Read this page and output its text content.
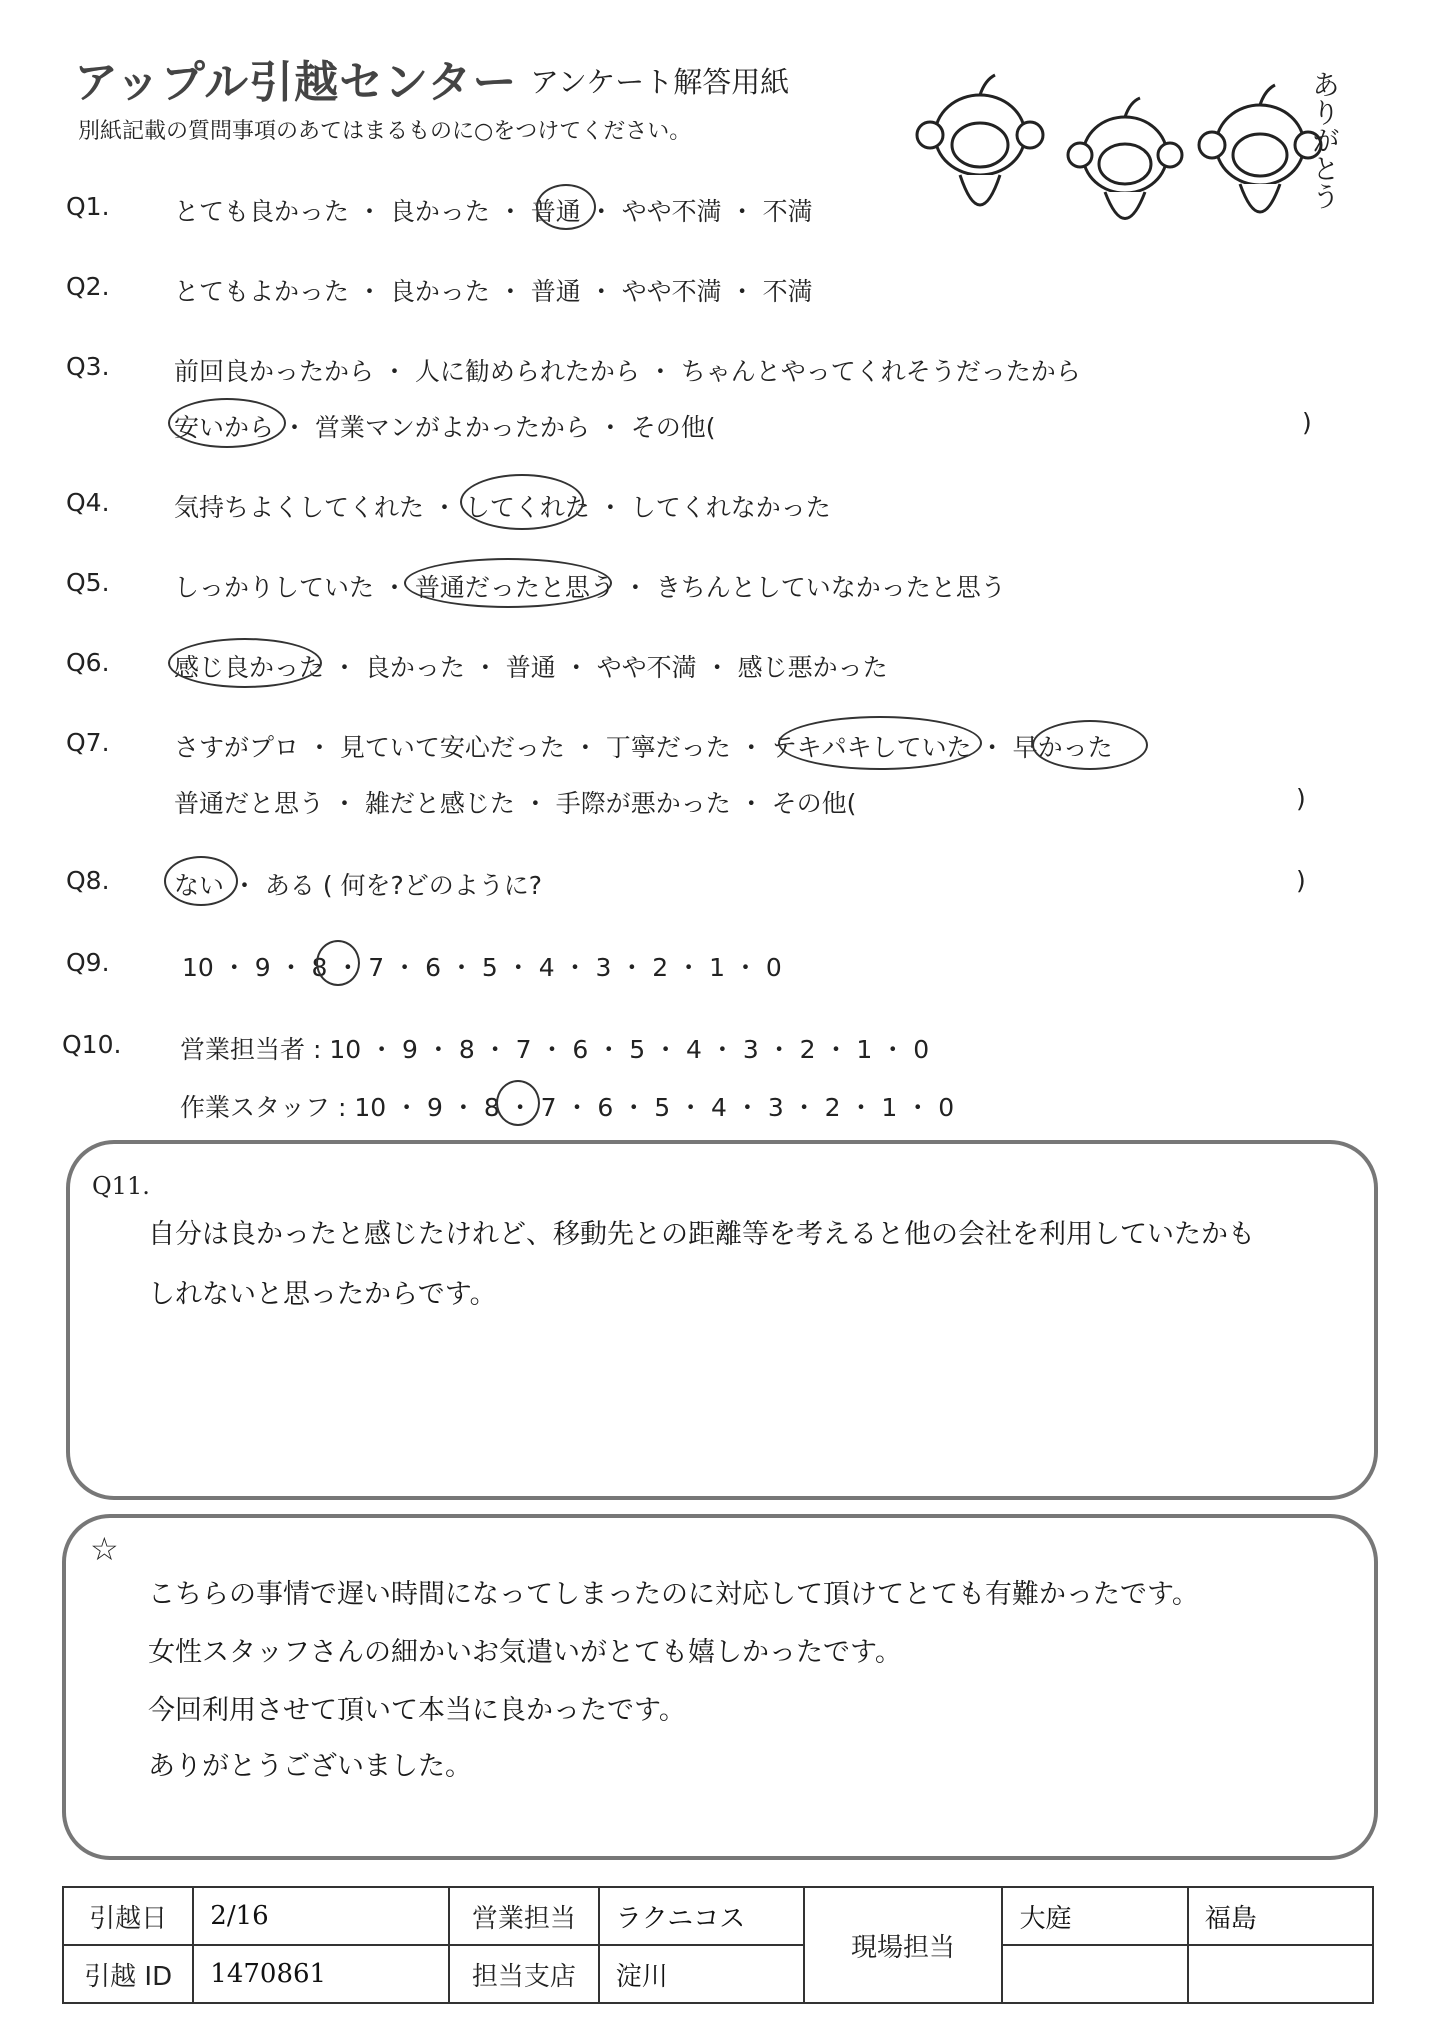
アップル引越センター アンケート解答用紙
別紙記載の質問事項のあてはまるものに○をつけてください。	ありがとう
Q1.	とても良かった ・ 良かった ・ 普通 ・ やや不満 ・ 不満
Q2.	とてもよかった ・ 良かった ・ 普通 ・ やや不満 ・ 不満
Q3.	前回良かったから ・ 人に勧められたから ・ ちゃんとやってくれそうだったから
安いから ・ 営業マンがよかったから ・ その他(	)
Q4.	気持ちよくしてくれた ・ してくれた ・ してくれなかった
Q5.	しっかりしていた ・ 普通だったと思う ・ きちんとしていなかったと思う
Q6.	感じ良かった ・ 良かった ・ 普通 ・ やや不満 ・ 感じ悪かった
Q7.	さすがプロ ・ 見ていて安心だった ・ 丁寧だった ・ テキパキしていた ・ 早かった
普通だと思う ・ 雑だと感じた ・ 手際が悪かった ・ その他(	)
Q8.	ない ・ ある ( 何を?どのように?	)
Q9.	10 ・ 9 ・ 8 ・ 7 ・ 6 ・ 5 ・ 4 ・ 3 ・ 2 ・ 1 ・ 0
Q10. 営業担当者 : 10 ・ 9 ・ 8 ・ 7 ・ 6 ・ 5 ・ 4 ・ 3 ・ 2 ・ 1 ・ 0
作業スタッフ : 10 ・ 9 ・ 8 ・ 7 ・ 6 ・ 5 ・ 4 ・ 3 ・ 2 ・ 1 ・ 0
Q11.
自分は良かったと感じたけれど、移動先との距離等を考えると他の会社を利用していたかも
しれないと思ったからです。
☆
こちらの事情で遅い時間になってしまったのに対応して頂けてとても有難かったです。
女性スタッフさんの細かいお気遣いがとても嬉しかったです。
今回利用させて頂いて本当に良かったです。
ありがとうございました。
引越日	2/16	営業担当	ラクニコス	現場担当	大庭	福島
引越 ID	1470861	担当支店	淀川			
